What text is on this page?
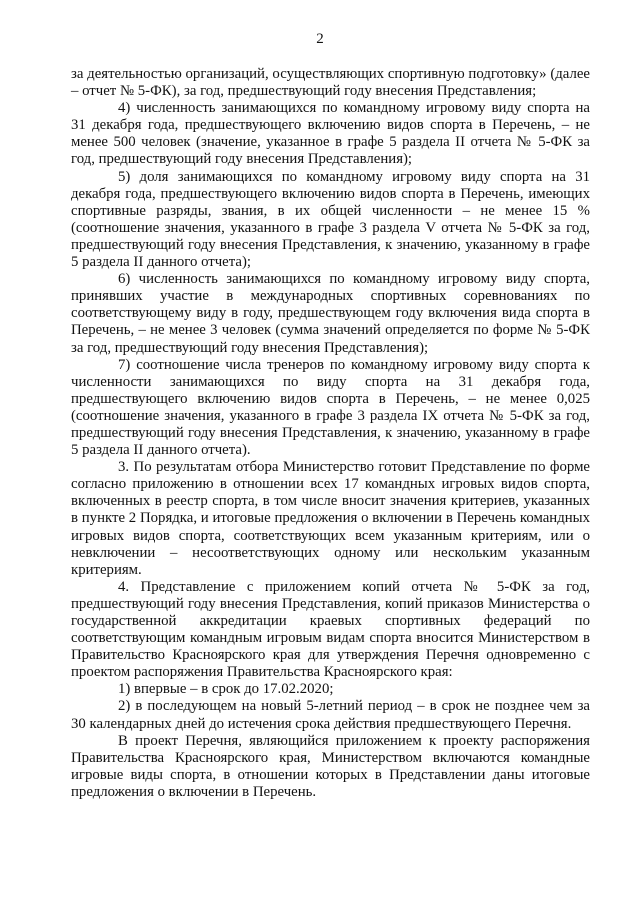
2

за деятельностью организаций, осуществляющих спортивную подготовку» (далее – отчет № 5-ФК), за год, предшествующий году внесения Представления;

4) численность занимающихся по командному игровому виду спорта на 31 декабря года, предшествующего включению видов спорта в Перечень, – не менее 500 человек (значение, указанное в графе 5 раздела II отчета № 5-ФК за год, предшествующий году внесения Представления);

5) доля занимающихся по командному игровому виду спорта на 31 декабря года, предшествующего включению видов спорта в Перечень, имеющих спортивные разряды, звания, в их общей численности – не менее 15 % (соотношение значения, указанного в графе 3 раздела V отчета № 5-ФК за год, предшествующий году внесения Представления, к значению, указанному в графе 5 раздела II данного отчета);

6) численность занимающихся по командному игровому виду спорта, принявших участие в международных спортивных соревнованиях по соответствующему виду в году, предшествующем году включения вида спорта в Перечень, – не менее 3 человек (сумма значений определяется по форме № 5-ФК за год, предшествующий году внесения Представления);

7) соотношение числа тренеров по командному игровому виду спорта к численности занимающихся по виду спорта на 31 декабря года, предшествующего включению видов спорта в Перечень, – не менее 0,025 (соотношение значения, указанного в графе 3 раздела IX отчета № 5-ФК за год, предшествующий году внесения Представления, к значению, указанному в графе 5 раздела II данного отчета).

3. По результатам отбора Министерство готовит Представление по форме согласно приложению в отношении всех 17 командных игровых видов спорта, включенных в реестр спорта, в том числе вносит значения критериев, указанных в пункте 2 Порядка, и итоговые предложения о включении в Перечень командных игровых видов спорта, соответствующих всем указанным критериям, или о невключении – несоответствующих одному или нескольким указанным критериям.

4. Представление с приложением копий отчета № 5-ФК за год, предшествующий году внесения Представления, копий приказов Министерства о государственной аккредитации краевых спортивных федераций по соответствующим командным игровым видам спорта вносится Министерством в Правительство Красноярского края для утверждения Перечня одновременно с проектом распоряжения Правительства Красноярского края:

1) впервые – в срок до 17.02.2020;

2) в последующем на новый 5-летний период – в срок не позднее чем за 30 календарных дней до истечения срока действия предшествующего Перечня.

В проект Перечня, являющийся приложением к проекту распоряжения Правительства Красноярского края, Министерством включаются командные игровые виды спорта, в отношении которых в Представлении даны итоговые предложения о включении в Перечень.
